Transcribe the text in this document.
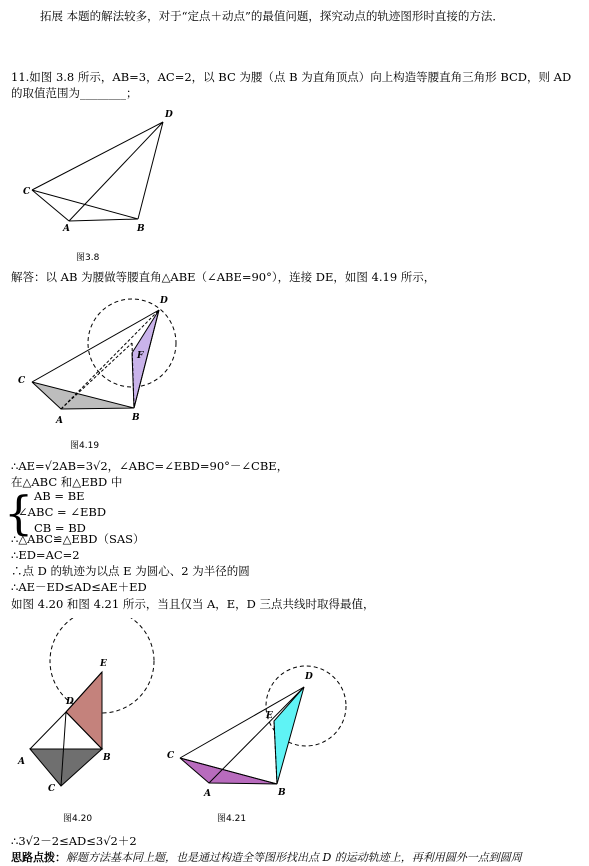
拓展 本题的解法较多，对于“定点＋动点”的最值问题，探究动点的轨迹图形时直接的方法．
11.如图 3.8 所示，AB=3，AC=2，以 BC 为腰（点 B 为直角顶点）向上构造等腰直角三角形 BCD，则 AD
的取值范围为________；
C
A	B
D
图3.8
解答：以 AB 为腰做等腰直角△ABE（∠ABE=90°），连接 DE，如图 4.19 所示，
C
A	B
D
F
图4.19
∴AE=√2AB=3√2，∠ABC=∠EBD=90°－∠CBE，
在△ABC 和△EBD 中
{ AB = BE
∠ABC = ∠EBD
CB = BD
∴△ABC≌△EBD（SAS）
∴ED=AC=2
∴点 D 的轨迹为以点 E 为圆心、2 为半径的圆
∴AE－ED≤AD≤AE＋ED
如图 4.20 和图 4.21 所示，当且仅当 A，E，D 三点共线时取得最值，
A	B
C
D
E
图4.20
C
A	B
D
E
图4.21
∴3√2－2≤AD≤3√2＋2
思路点拨：解题方法基本同上题，也是通过构造全等图形找出点 D 的运动轨迹上，再利用圆外一点到圆周
